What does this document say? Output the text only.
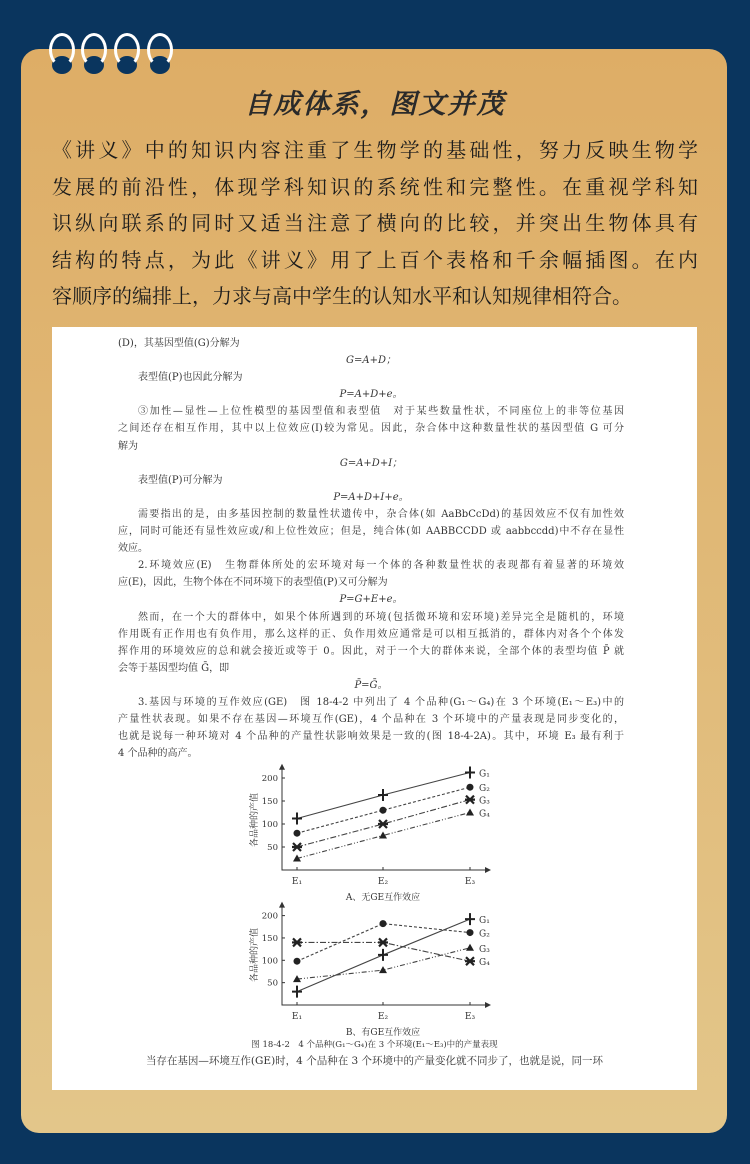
自成体系，图文并茂
《讲义》中的知识内容注重了生物学的基础性，努力反映生物学
发展的前沿性，体现学科知识的系统性和完整性。在重视学科知
识纵向联系的同时又适当注意了横向的比较，并突出生物体具有
结构的特点，为此《讲义》用了上百个表格和千余幅插图。在内
容顺序的编排上，力求与高中学生的认知水平和认知规律相符合。
(D)，其基因型值(G)分解为
G=A+D；
表型值(P)也因此分解为
P=A+D+e。
③加性—显性—上位性模型的基因型值和表型值　对于某些数量性状，不同座位上的非等位基因
之间还存在相互作用，其中以上位效应(I)较为常见。因此，杂合体中这种数量性状的基因型值 G 可分
解为
G=A+D+I；
表型值(P)可分解为
P=A+D+I+e。
需要指出的是，由多基因控制的数量性状遗传中，杂合体(如 AaBbCcDd)的基因效应不仅有加性效
应，同时可能还有显性效应或/和上位性效应；但是，纯合体(如 AABBCCDD 或 aabbccdd)中不存在显性
效应。
2.环境效应(E)　生物群体所处的宏环境对每一个体的各种数量性状的表现都有着显著的环境效
应(E)，因此，生物个体在不同环境下的表型值(P)又可分解为
P=G+E+e。
然而，在一个大的群体中，如果个体所遇到的环境(包括微环境和宏环境)差异完全是随机的，环境
作用既有正作用也有负作用，那么这样的正、负作用效应通常是可以相互抵消的，群体内对各个个体发
挥作用的环境效应的总和就会接近或等于 0。因此，对于一个大的群体来说，全部个体的表型均值 P̄ 就
会等于基因型均值 Ḡ，即
P̄=Ḡ。
3.基因与环境的互作效应(GE)　图 18-4-2 中列出了 4 个品种(G₁～G₄)在 3 个环境(E₁～E₃)中的
产量性状表现。如果不存在基因—环境互作(GE)，4 个品种在 3 个环境中的产量表现是同步变化的，
也就是说每一种环境对 4 个品种的产量性状影响效果是一致的(图 18-4-2A)。其中，环境 E₃ 最有利于
4 个品种的高产。
图 18-4-2　4 个品种(G₁～G₄)在 3 个环境(E₁～E₃)中的产量表现
当存在基因—环境互作(GE)时，4 个品种在 3 个环境中的产量变化就不同步了，也就是说，同一环
50
100
150
200
E₁	E₂	E₃
各品种的产值
A、无GE互作效应
G₁
G₂
G₃
G₄
50
100
150
200
E₁	E₂	E₃
各品种的产值
B、有GE互作效应
G₁
G₂
G₃
G₄
